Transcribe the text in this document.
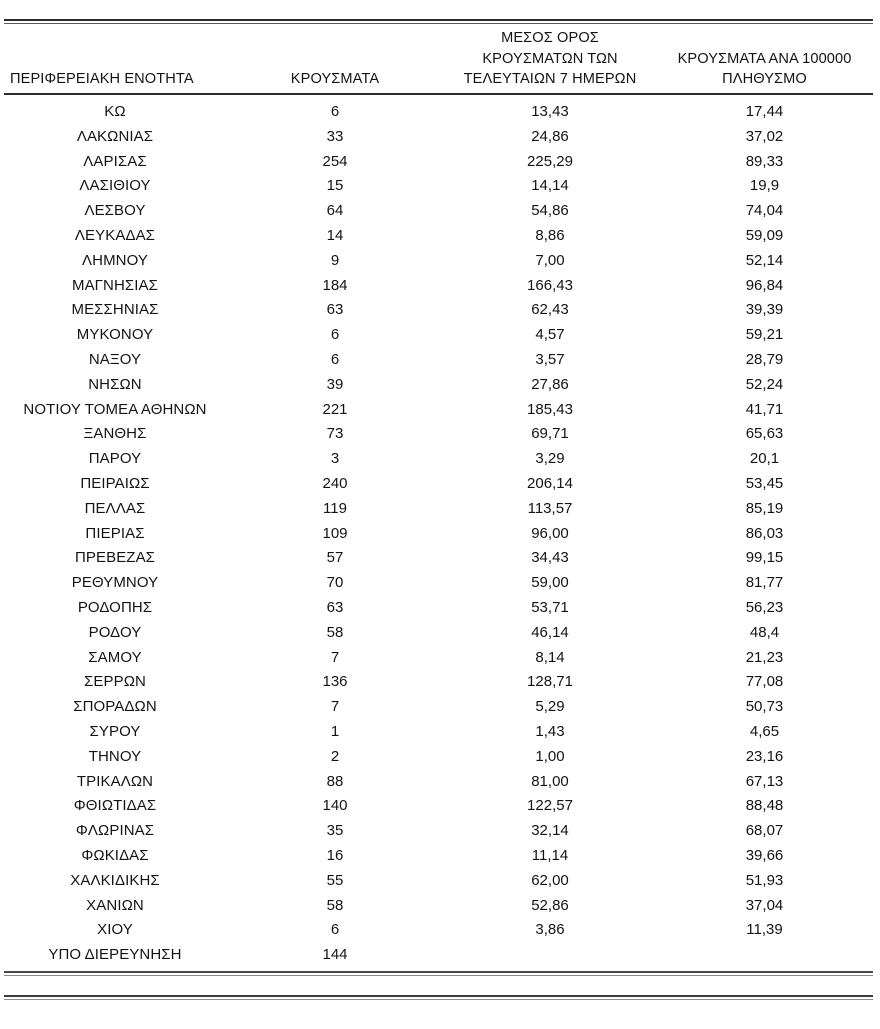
ΠΕΡΙΦΕΡΕΙΑΚΗ ΕΝΟΤΗΤΑ	ΚΡΟΥΣΜΑΤΑ	ΜΕΣΟΣ ΟΡΟΣ
ΚΡΟΥΣΜΑΤΩΝ ΤΩΝ
ΤΕΛΕΥΤΑΙΩΝ 7 ΗΜΕΡΩΝ	ΚΡΟΥΣΜΑΤΑ ΑΝΑ 100000
ΠΛΗΘΥΣΜΟ
ΚΩ	6	13,43	17,44
ΛΑΚΩΝΙΑΣ	33	24,86	37,02
ΛΑΡΙΣΑΣ	254	225,29	89,33
ΛΑΣΙΘΙΟΥ	15	14,14	19,9
ΛΕΣΒΟΥ	64	54,86	74,04
ΛΕΥΚΑΔΑΣ	14	8,86	59,09
ΛΗΜΝΟΥ	9	7,00	52,14
ΜΑΓΝΗΣΙΑΣ	184	166,43	96,84
ΜΕΣΣΗΝΙΑΣ	63	62,43	39,39
ΜΥΚΟΝΟΥ	6	4,57	59,21
ΝΑΞΟΥ	6	3,57	28,79
ΝΗΣΩΝ	39	27,86	52,24
ΝΟΤΙΟΥ ΤΟΜΕΑ ΑΘΗΝΩΝ	221	185,43	41,71
ΞΑΝΘΗΣ	73	69,71	65,63
ΠΑΡΟΥ	3	3,29	20,1
ΠΕΙΡΑΙΩΣ	240	206,14	53,45
ΠΕΛΛΑΣ	119	113,57	85,19
ΠΙΕΡΙΑΣ	109	96,00	86,03
ΠΡΕΒΕΖΑΣ	57	34,43	99,15
ΡΕΘΥΜΝΟΥ	70	59,00	81,77
ΡΟΔΟΠΗΣ	63	53,71	56,23
ΡΟΔΟΥ	58	46,14	48,4
ΣΑΜΟΥ	7	8,14	21,23
ΣΕΡΡΩΝ	136	128,71	77,08
ΣΠΟΡΑΔΩΝ	7	5,29	50,73
ΣΥΡΟΥ	1	1,43	4,65
ΤΗΝΟΥ	2	1,00	23,16
ΤΡΙΚΑΛΩΝ	88	81,00	67,13
ΦΘΙΩΤΙΔΑΣ	140	122,57	88,48
ΦΛΩΡΙΝΑΣ	35	32,14	68,07
ΦΩΚΙΔΑΣ	16	11,14	39,66
ΧΑΛΚΙΔΙΚΗΣ	55	62,00	51,93
ΧΑΝΙΩΝ	58	52,86	37,04
ΧΙΟΥ	6	3,86	11,39
ΥΠΟ ΔΙΕΡΕΥΝΗΣΗ	144		
